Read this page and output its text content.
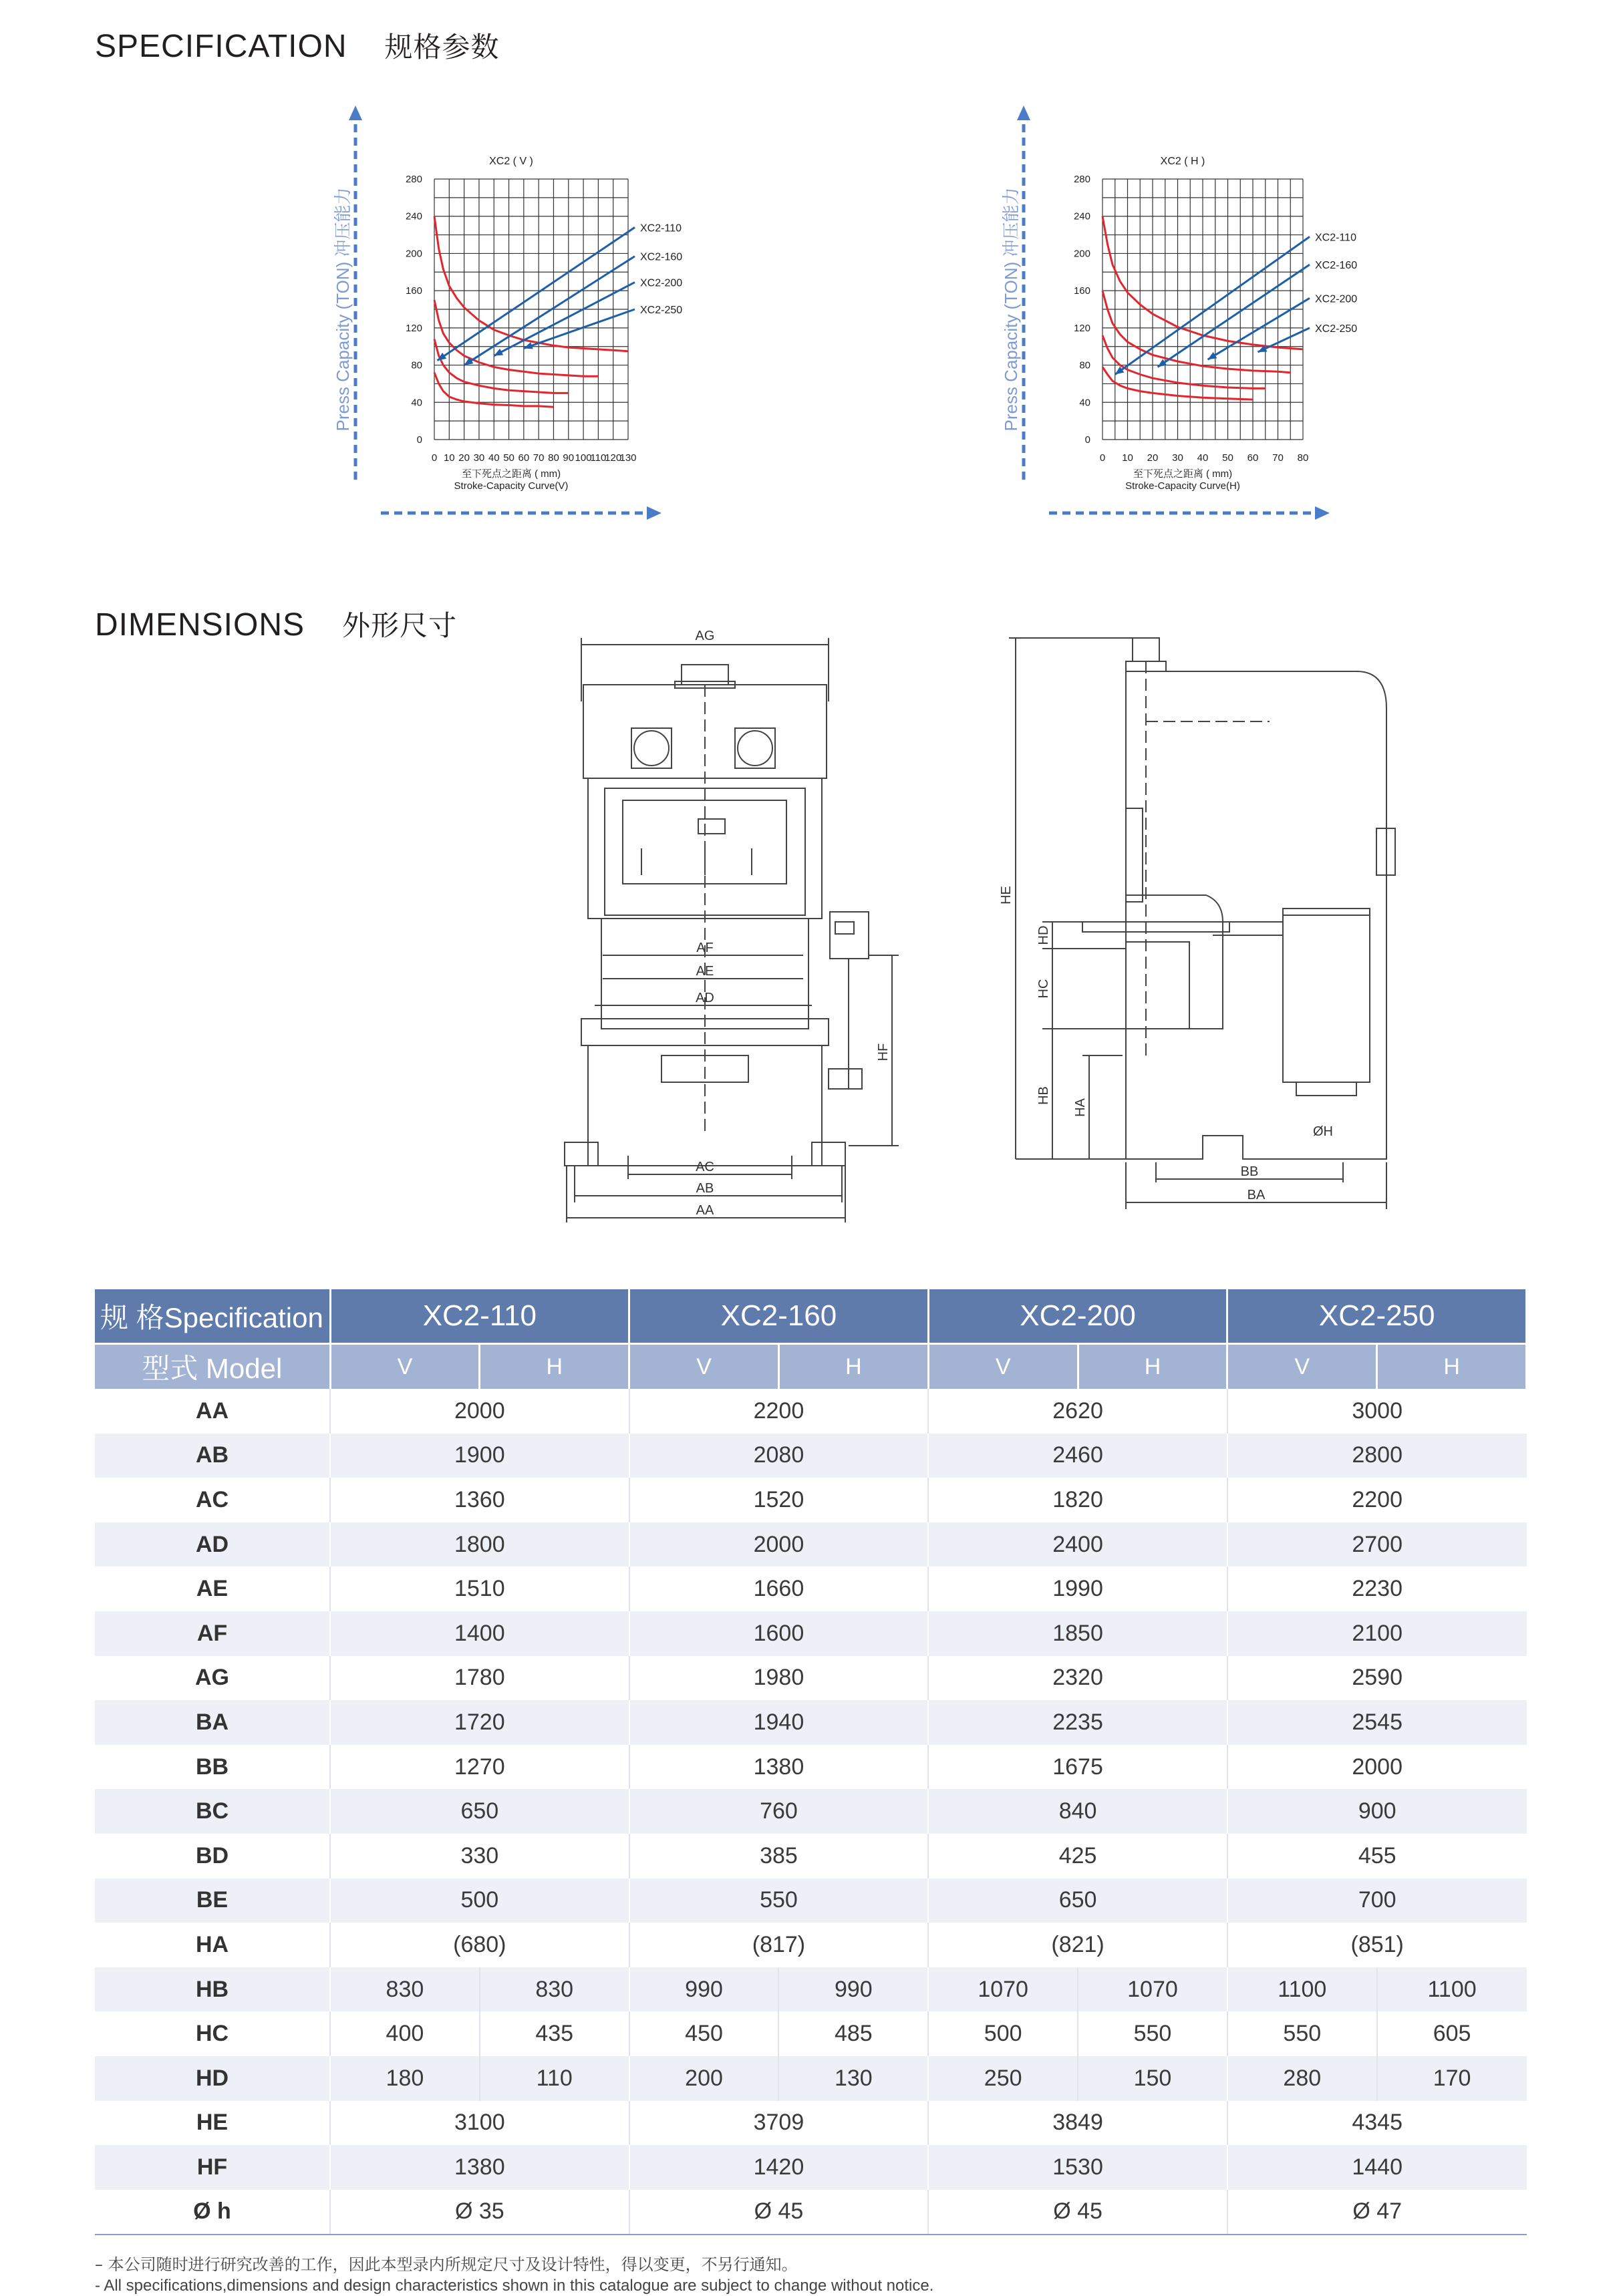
SPECIFICATION 规格参数
DIMENSIONS 外形尺寸
Press Capacity (TON) 冲压能力
XC2 ( V )
0
40
80
120
160
200
240
280
0 10 20 30 40 50 60 70 80 90 100
110
120
130
至下死点之距离 ( mm)
Stroke-Capacity Curve(V)
XC2-110
XC2-160
XC2-200
XC2-250	Press Capacity (TON) 冲压能力
XC2 ( H )
0
40
80
120
160
200
240
280
0 10 20 30 40 50 60 70 80
至下死点之距离 ( mm)
Stroke-Capacity Curve(H)
XC2-110
XC2-160
XC2-200
XC2-250
AG
AF
AE
AD
AC
AB
AA
HF
HE
HD
HC
HB
HA
BB
BA
ØH
规 格Specification	XC2-110		XC2-160		XC2-200		XC2-250	
型式 Model	V	H	V	H	V	H	V	H
AA	2000		2200		2620		3000	
AB	1900		2080		2460		2800	
AC	1360		1520		1820		2200	
AD	1800		2000		2400		2700	
AE	1510		1660		1990		2230	
AF	1400		1600		1850		2100	
AG	1780		1980		2320		2590	
BA	1720		1940		2235		2545	
BB	1270		1380		1675		2000	
BC	650		760		840		900	
BD	330		385		425		455	
BE	500		550		650		700	
HA	(680)		(817)		(821)		(851)	
HB	830	830	990	990	1070	1070	1100	1100
HC	400	435	450	485	500	550	550	605
HD	180	110	200	130	250	150	280	170
HE	3100		3709		3849		4345	
HF	1380		1420		1530		1440	
Ø h	Ø 35		Ø 45		Ø 45		Ø 47	
– 本公司随时进行研究改善的工作，因此本型录内所规定尺寸及设计特性，得以变更，不另行通知。
- All specifications,dimensions and design characteristics shown in this catalogue are subject to change without notice.
